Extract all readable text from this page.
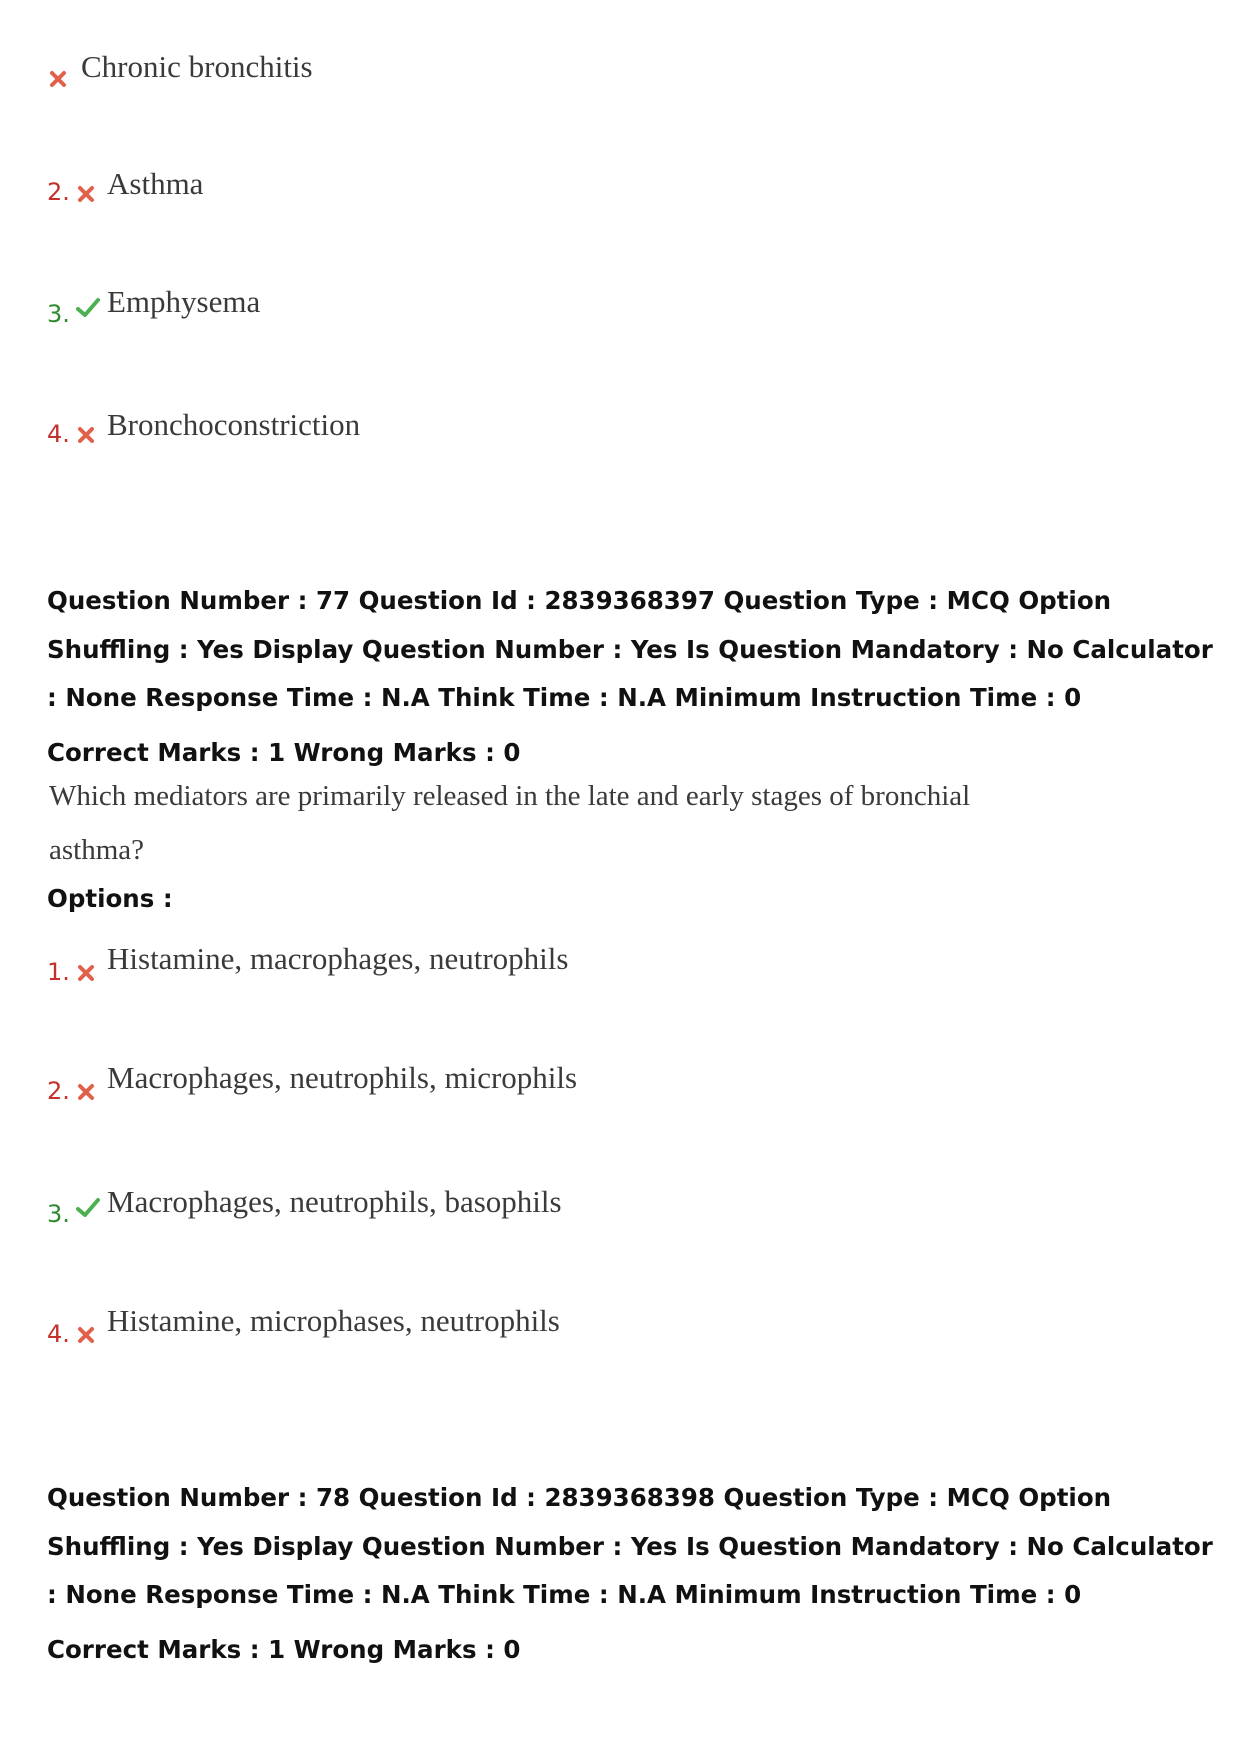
Chronic bronchitis
2. Asthma
3. Emphysema
4. Bronchoconstriction
Question Number : 77 Question Id : 2839368397 Question Type : MCQ Option Shuffling : Yes Display Question Number : Yes Is Question Mandatory : No Calculator : None Response Time : N.A Think Time : N.A Minimum Instruction Time : 0
Correct Marks : 1 Wrong Marks : 0
Which mediators are primarily released in the late and early stages of bronchial asthma?
Options :
1. Histamine, macrophages, neutrophils
2. Macrophages, neutrophils, microphils
3. Macrophages, neutrophils, basophils
4. Histamine, microphases, neutrophils
Question Number : 78 Question Id : 2839368398 Question Type : MCQ Option Shuffling : Yes Display Question Number : Yes Is Question Mandatory : No Calculator : None Response Time : N.A Think Time : N.A Minimum Instruction Time : 0
Correct Marks : 1 Wrong Marks : 0
